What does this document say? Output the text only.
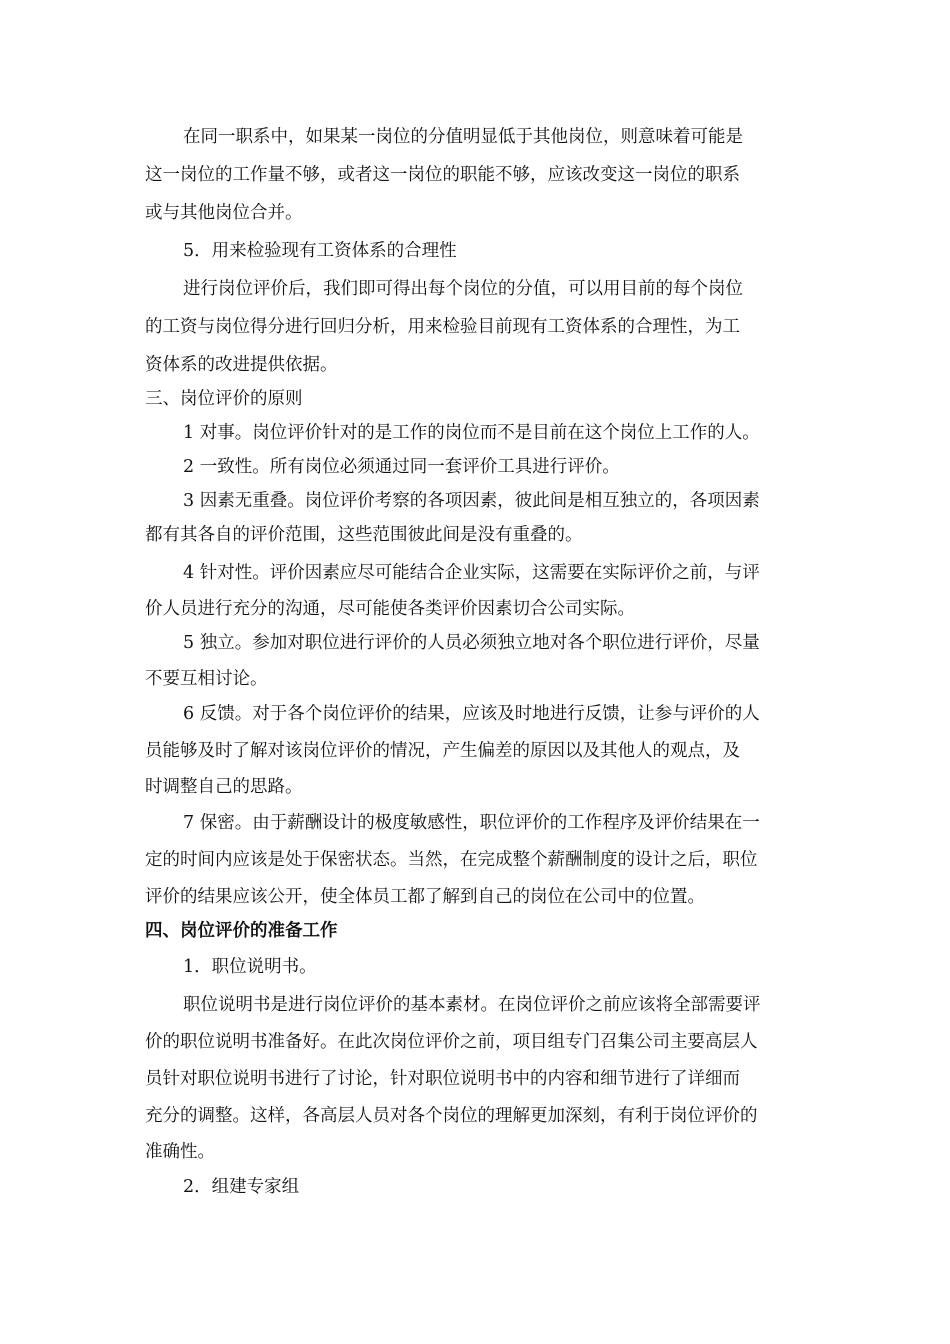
在同一职系中，如果某一岗位的分值明显低于其他岗位，则意味着可能是
这一岗位的工作量不够，或者这一岗位的职能不够，应该改变这一岗位的职系
或与其他岗位合并。
5．用来检验现有工资体系的合理性
进行岗位评价后，我们即可得出每个岗位的分值，可以用目前的每个岗位
的工资与岗位得分进行回归分析，用来检验目前现有工资体系的合理性，为工
资体系的改进提供依据。
三、岗位评价的原则
1 对事。岗位评价针对的是工作的岗位而不是目前在这个岗位上工作的人。
2 一致性。所有岗位必须通过同一套评价工具进行评价。
3 因素无重叠。岗位评价考察的各项因素，彼此间是相互独立的，各项因素
都有其各自的评价范围，这些范围彼此间是没有重叠的。
4 针对性。评价因素应尽可能结合企业实际，这需要在实际评价之前，与评
价人员进行充分的沟通，尽可能使各类评价因素切合公司实际。
5 独立。参加对职位进行评价的人员必须独立地对各个职位进行评价，尽量
不要互相讨论。
6 反馈。对于各个岗位评价的结果，应该及时地进行反馈，让参与评价的人
员能够及时了解对该岗位评价的情况，产生偏差的原因以及其他人的观点，及
时调整自己的思路。
7 保密。由于薪酬设计的极度敏感性，职位评价的工作程序及评价结果在一
定的时间内应该是处于保密状态。当然，在完成整个薪酬制度的设计之后，职位
评价的结果应该公开，使全体员工都了解到自己的岗位在公司中的位置。
四、岗位评价的准备工作
1．职位说明书。
职位说明书是进行岗位评价的基本素材。在岗位评价之前应该将全部需要评
价的职位说明书准备好。在此次岗位评价之前，项目组专门召集公司主要高层人
员针对职位说明书进行了讨论，针对职位说明书中的内容和细节进行了详细而
充分的调整。这样，各高层人员对各个岗位的理解更加深刻，有利于岗位评价的
准确性。
2．组建专家组
